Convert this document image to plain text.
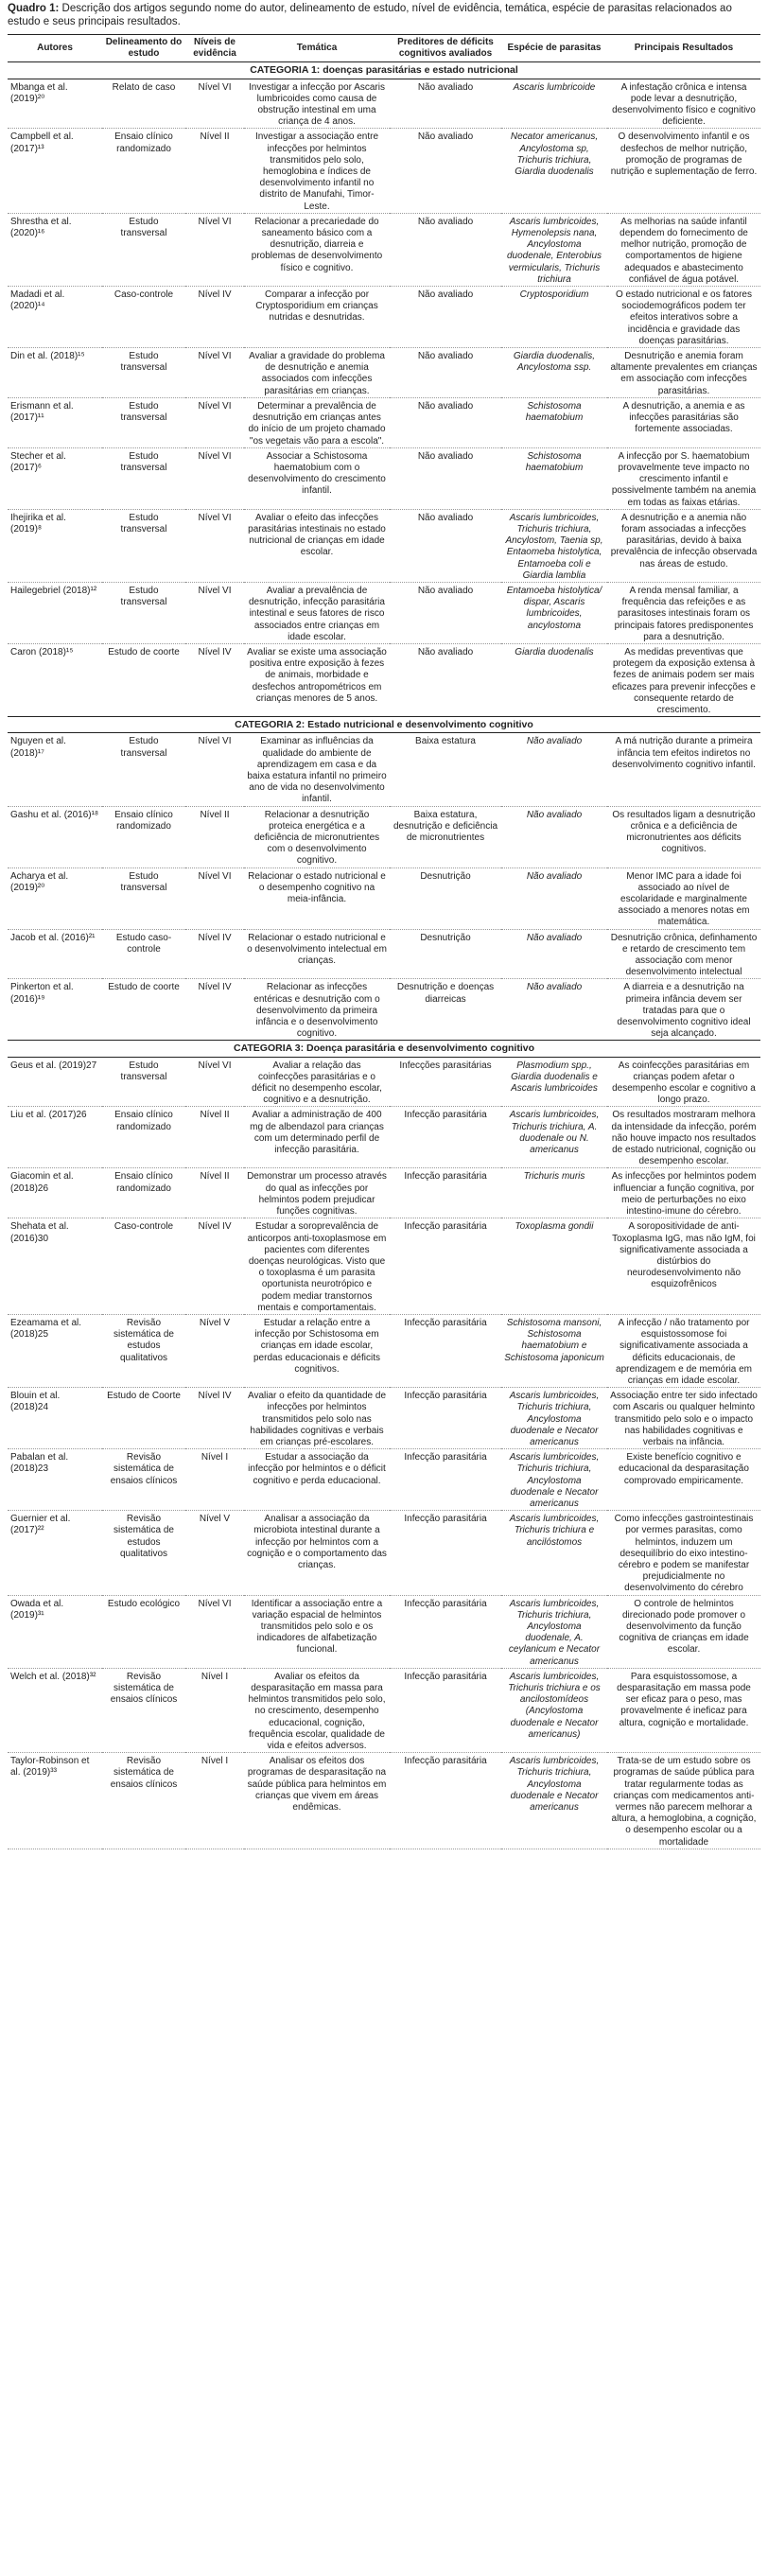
Quadro 1: Descrição dos artigos segundo nome do autor, delineamento de estudo, nível de evidência, temática, espécie de parasitas relacionados ao estudo e seus principais resultados.

Autores	Delineamento do estudo	Níveis de evidência	Temática	Preditores de déficits cognitivos avaliados	Espécie de parasitas	Principais Resultados
CATEGORIA 1: doenças parasitárias e estado nutricional						
Mbanga et al. (2019)²⁰	Relato de caso	Nível VI	Investigar a infecção por Ascaris lumbricoides como causa de obstrução intestinal em uma criança de 4 anos.	Não avaliado	Ascaris lumbricoide	A infestação crônica e intensa pode levar a desnutrição, desenvolvimento físico e cognitivo deficiente.
Campbell et al. (2017)¹³	Ensaio clínico randomizado	Nível II	Investigar a associação entre infecções por helmintos transmitidos pelo solo, hemoglobina e índices de desenvolvimento infantil no distrito de Manufahi, Timor-Leste.	Não avaliado	Necator americanus, Ancylostoma sp, Trichuris trichiura, Giardia duodenalis	O desenvolvimento infantil e os desfechos de melhor nutrição, promoção de programas de nutrição e suplementação de ferro.
Shrestha et al. (2020)¹⁶	Estudo transversal	Nível VI	Relacionar a precariedade do saneamento básico com a desnutrição, diarreia e problemas de desenvolvimento físico e cognitivo.	Não avaliado	Ascaris lumbricoides, Hymenolepsis nana, Ancylostoma duodenale, Enterobius vermicularis, Trichuris trichiura	As melhorias na saúde infantil dependem do fornecimento de melhor nutrição, promoção de comportamentos de higiene adequados e abastecimento confiável de água potável.
Madadi et al. (2020)¹⁴	Caso-controle	Nível IV	Comparar a infecção por Cryptosporidium em crianças nutridas e desnutridas.	Não avaliado	Cryptosporidium	O estado nutricional e os fatores sociodemográficos podem ter efeitos interativos sobre a incidência e gravidade das doenças parasitárias.
Din et al. (2018)¹⁵	Estudo transversal	Nível VI	Avaliar a gravidade do problema de desnutrição e anemia associados com infecções parasitárias em crianças.	Não avaliado	Giardia duodenalis, Ancylostoma ssp.	Desnutrição e anemia foram altamente prevalentes em crianças em associação com infecções parasitárias.
Erismann et al. (2017)¹¹	Estudo transversal	Nível VI	Determinar a prevalência de desnutrição em crianças antes do início de um projeto chamado "os vegetais vão para a escola".	Não avaliado	Schistosoma haematobium	A desnutrição, a anemia e as infecções parasitárias são fortemente associadas.
Stecher et al. (2017)⁶	Estudo transversal	Nível VI	Associar a Schistosoma haematobium com o desenvolvimento do crescimento infantil.	Não avaliado	Schistosoma haematobium	A infecção por S. haematobium provavelmente teve impacto no crescimento infantil e possivelmente também na anemia em todas as faixas etárias.
Ihejirika et al. (2019)⁸	Estudo transversal	Nível VI	Avaliar o efeito das infecções parasitárias intestinais no estado nutricional de crianças em idade escolar.	Não avaliado	Ascaris lumbricoides, Trichuris trichiura, Ancylostom, Taenia sp, Entaomeba histolytica, Entamoeba coli e Giardia lamblia	A desnutrição e a anemia não foram associadas a infecções parasitárias, devido à baixa prevalência de infecção observada nas áreas de estudo.
Hailegebriel (2018)¹²	Estudo transversal	Nível VI	Avaliar a prevalência de desnutrição, infecção parasitária intestinal e seus fatores de risco associados entre crianças em idade escolar.	Não avaliado	Entamoeba histolytica/ dispar, Ascaris lumbricoides, ancylostoma	A renda mensal familiar, a frequência das refeições e as parasitoses intestinais foram os principais fatores predisponentes para a desnutrição.
Caron (2018)¹⁵	Estudo de coorte	Nível IV	Avaliar se existe uma associação positiva entre exposição à fezes de animais, morbidade e desfechos antropométricos em crianças menores de 5 anos.	Não avaliado	Giardia duodenalis	As medidas preventivas que protegem da exposição extensa à fezes de animais podem ser mais eficazes para prevenir infecções e consequente retardo de crescimento.
CATEGORIA 2: Estado nutricional e desenvolvimento cognitivo						
Nguyen et al. (2018)¹⁷	Estudo transversal	Nível VI	Examinar as influências da qualidade do ambiente de aprendizagem em casa e da baixa estatura infantil no primeiro ano de vida no desenvolvimento infantil.	Baixa estatura	Não avaliado	A má nutrição durante a primeira infância tem efeitos indiretos no desenvolvimento cognitivo infantil.
Gashu et al. (2016)¹⁸	Ensaio clínico randomizado	Nível II	Relacionar a desnutrição proteica energética e a deficiência de micronutrientes com o desenvolvimento cognitivo.	Baixa estatura, desnutrição e deficiência de micronutrientes	Não avaliado	Os resultados ligam a desnutrição crônica e a deficiência de micronutrientes aos déficits cognitivos.
Acharya et al. (2019)²⁰	Estudo transversal	Nível VI	Relacionar o estado nutricional e o desempenho cognitivo na meia-infância.	Desnutrição	Não avaliado	Menor IMC para a idade foi associado ao nível de escolaridade e marginalmente associado a menores notas em matemática.
Jacob et al. (2016)²¹	Estudo caso-controle	Nível IV	Relacionar o estado nutricional e o desenvolvimento intelectual em crianças.	Desnutrição	Não avaliado	Desnutrição crônica, definhamento e retardo de crescimento tem associação com menor desenvolvimento intelectual
Pinkerton et al. (2016)¹⁹	Estudo de coorte	Nível IV	Relacionar as infecções entéricas e desnutrição com o desenvolvimento da primeira infância e o desenvolvimento cognitivo.	Desnutrição e doenças diarreicas	Não avaliado	A diarreia e a desnutrição na primeira infância devem ser tratadas para que o desenvolvimento cognitivo ideal seja alcançado.
CATEGORIA 3: Doença parasitária e desenvolvimento cognitivo						
Geus et al. (2019)27	Estudo transversal	Nível VI	Avaliar a relação das coinfecções parasitárias e o déficit no desempenho escolar, cognitivo e a desnutrição.	Infecções parasitárias	Plasmodium spp., Giardia duodenalis e Ascaris lumbricoides	As coinfecções parasitárias em crianças podem afetar o desempenho escolar e cognitivo a longo prazo.
Liu et al. (2017)26	Ensaio clínico randomizado	Nível II	Avaliar a administração de 400 mg de albendazol para crianças com um determinado perfil de infecção parasitária.	Infecção parasitária	Ascaris lumbricoides, Trichuris trichiura, A. duodenale ou N. americanus	Os resultados mostraram melhora da intensidade da infecção, porém não houve impacto nos resultados de estado nutricional, cognição ou desempenho escolar.
Giacomin et al. (2018)26	Ensaio clínico randomizado	Nível II	Demonstrar um processo através do qual as infecções por helmintos podem prejudicar funções cognitivas.	Infecção parasitária	Trichuris muris	As infecções por helmintos podem influenciar a função cognitiva, por meio de perturbações no eixo intestino-imune do cérebro.
Shehata et al. (2016)30	Caso-controle	Nível IV	Estudar a soroprevalência de anticorpos anti-toxoplasmose em pacientes com diferentes doenças neurológicas. Visto que o toxoplasma é um parasita oportunista neurotrópico e podem mediar transtornos mentais e comportamentais.	Infecção parasitária	Toxoplasma gondii	A soropositividade de anti-Toxoplasma IgG, mas não IgM, foi significativamente associada a distúrbios do neurodesenvolvimento não esquizofrênicos
Ezeamama et al. (2018)25	Revisão sistemática de estudos qualitativos	Nível V	Estudar a relação entre a infecção por Schistosoma em crianças em idade escolar, perdas educacionais e déficits cognitivos.	Infecção parasitária	Schistosoma mansoni, Schistosoma haematobium e Schistosoma japonicum	A infecção / não tratamento por esquistossomose foi significativamente associada a déficits educacionais, de aprendizagem e de memória em crianças em idade escolar.
Blouin et al. (2018)24	Estudo de Coorte	Nível IV	Avaliar o efeito da quantidade de infecções por helmintos transmitidos pelo solo nas habilidades cognitivas e verbais em crianças pré-escolares.	Infecção parasitária	Ascaris lumbricoides, Trichuris trichiura, Ancylostoma duodenale e Necator americanus	Associação entre ter sido infectado com Ascaris ou qualquer helminto transmitido pelo solo e o impacto nas habilidades cognitivas e verbais na infância.
Pabalan et al. (2018)23	Revisão sistemática de ensaios clínicos	Nível I	Estudar a associação da infecção por helmintos e o déficit cognitivo e perda educacional.	Infecção parasitária	Ascaris lumbricoides, Trichuris trichiura, Ancylostoma duodenale e Necator americanus	Existe benefício cognitivo e educacional da desparasitação comprovado empiricamente.
Guernier et al. (2017)²²	Revisão sistemática de estudos qualitativos	Nível V	Analisar a associação da microbiota intestinal durante a infecção por helmintos com a cognição e o comportamento das crianças.	Infecção parasitária	Ascaris lumbricoides, Trichuris trichiura e ancilóstomos	Como infecções gastrointestinais por vermes parasitas, como helmintos, induzem um desequilíbrio do eixo intestino-cérebro e podem se manifestar prejudicialmente no desenvolvimento do cérebro
Owada et al. (2019)³¹	Estudo ecológico	Nível VI	Identificar a associação entre a variação espacial de helmintos transmitidos pelo solo e os indicadores de alfabetização funcional.	Infecção parasitária	Ascaris lumbricoides, Trichuris trichiura, Ancylostoma duodenale, A. ceylanicum e Necator americanus	O controle de helmintos direcionado pode promover o desenvolvimento da função cognitiva de crianças em idade escolar.
Welch et al. (2018)³²	Revisão sistemática de ensaios clínicos	Nível I	Avaliar os efeitos da desparasitação em massa para helmintos transmitidos pelo solo, no crescimento, desempenho educacional, cognição, frequência escolar, qualidade de vida e efeitos adversos.	Infecção parasitária	Ascaris lumbricoides, Trichuris trichiura e os ancilostomídeos (Ancylostoma duodenale e Necator americanus)	Para esquistossomose, a desparasitação em massa pode ser eficaz para o peso, mas provavelmente é ineficaz para altura, cognição e mortalidade.
Taylor-Robinson et al. (2019)³³	Revisão sistemática de ensaios clínicos	Nível I	Analisar os efeitos dos programas de desparasitação na saúde pública para helmintos em crianças que vivem em áreas endêmicas.	Infecção parasitária	Ascaris lumbricoides, Trichuris trichiura, Ancylostoma duodenale e Necator americanus	Trata-se de um estudo sobre os programas de saúde pública para tratar regularmente todas as crianças com medicamentos anti-vermes não parecem melhorar a altura, a hemoglobina, a cognição, o desempenho escolar ou a mortalidade
